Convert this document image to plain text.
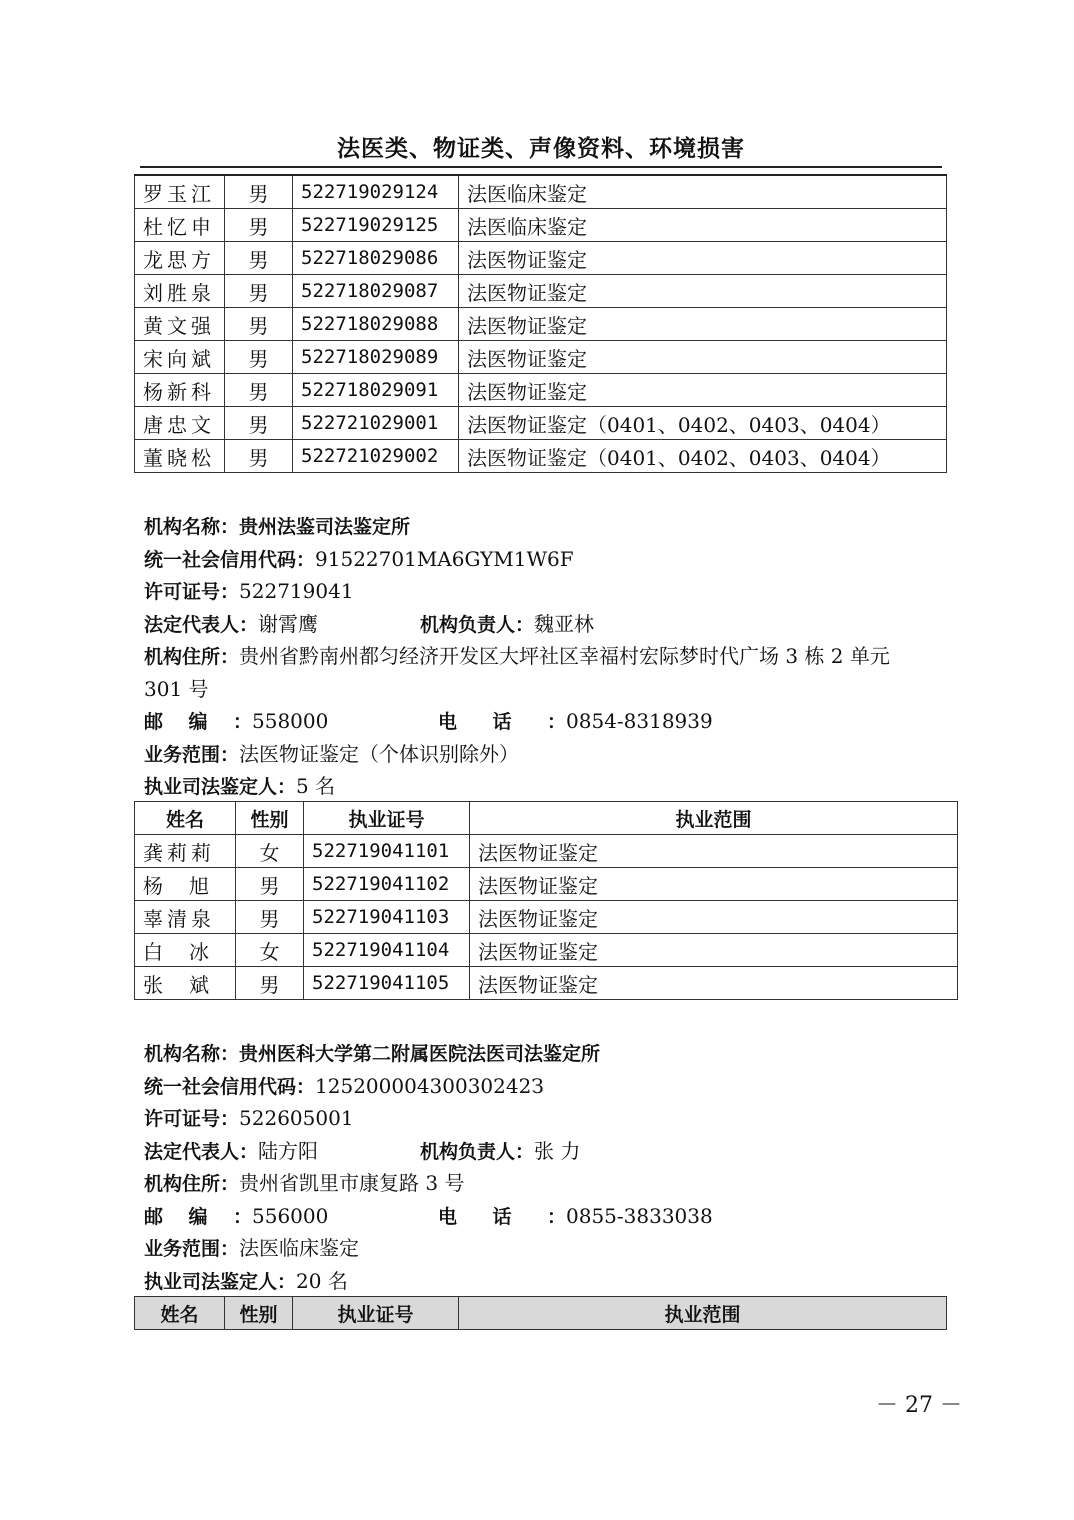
法医类、物证类、声像资料、环境损害
罗玉江	男	522719029124	法医临床鉴定
杜忆申	男	522719029125	法医临床鉴定
龙思方	男	522718029086	法医物证鉴定
刘胜泉	男	522718029087	法医物证鉴定
黄文强	男	522718029088	法医物证鉴定
宋向斌	男	522718029089	法医物证鉴定
杨新科	男	522718029091	法医物证鉴定
唐忠文	男	522721029001	法医物证鉴定（0401、0402、0403、0404）
董晓松	男	522721029002	法医物证鉴定（0401、0402、0403、0404）
机构名称：贵州法鉴司法鉴定所
统一社会信用代码：91522701MA6GYM1W6F
许可证号：522719041
法定代表人：谢霄鹰	机构负责人：魏亚林
机构住所：贵州省黔南州都匀经济开发区大坪社区幸福村宏际梦时代广场 3 栋 2 单元
301 号
邮编：558000	电话：0854-8318939
业务范围：法医物证鉴定（个体识别除外）
执业司法鉴定人：5 名
姓名	性别	执业证号	执业范围
龚莉莉	女	522719041101	法医物证鉴定
杨旭	男	522719041102	法医物证鉴定
辜清泉	男	522719041103	法医物证鉴定
白冰	女	522719041104	法医物证鉴定
张斌	男	522719041105	法医物证鉴定
机构名称：贵州医科大学第二附属医院法医司法鉴定所
统一社会信用代码：12520000430030242З
许可证号：522605001
法定代表人：陆方阳	机构负责人：张 力
机构住所：贵州省凯里市康复路 3 号
邮编：556000	电话：0855-3833038
业务范围：法医临床鉴定
执业司法鉴定人：20 名
姓名	性别	执业证号	执业范围
－ 27 －
